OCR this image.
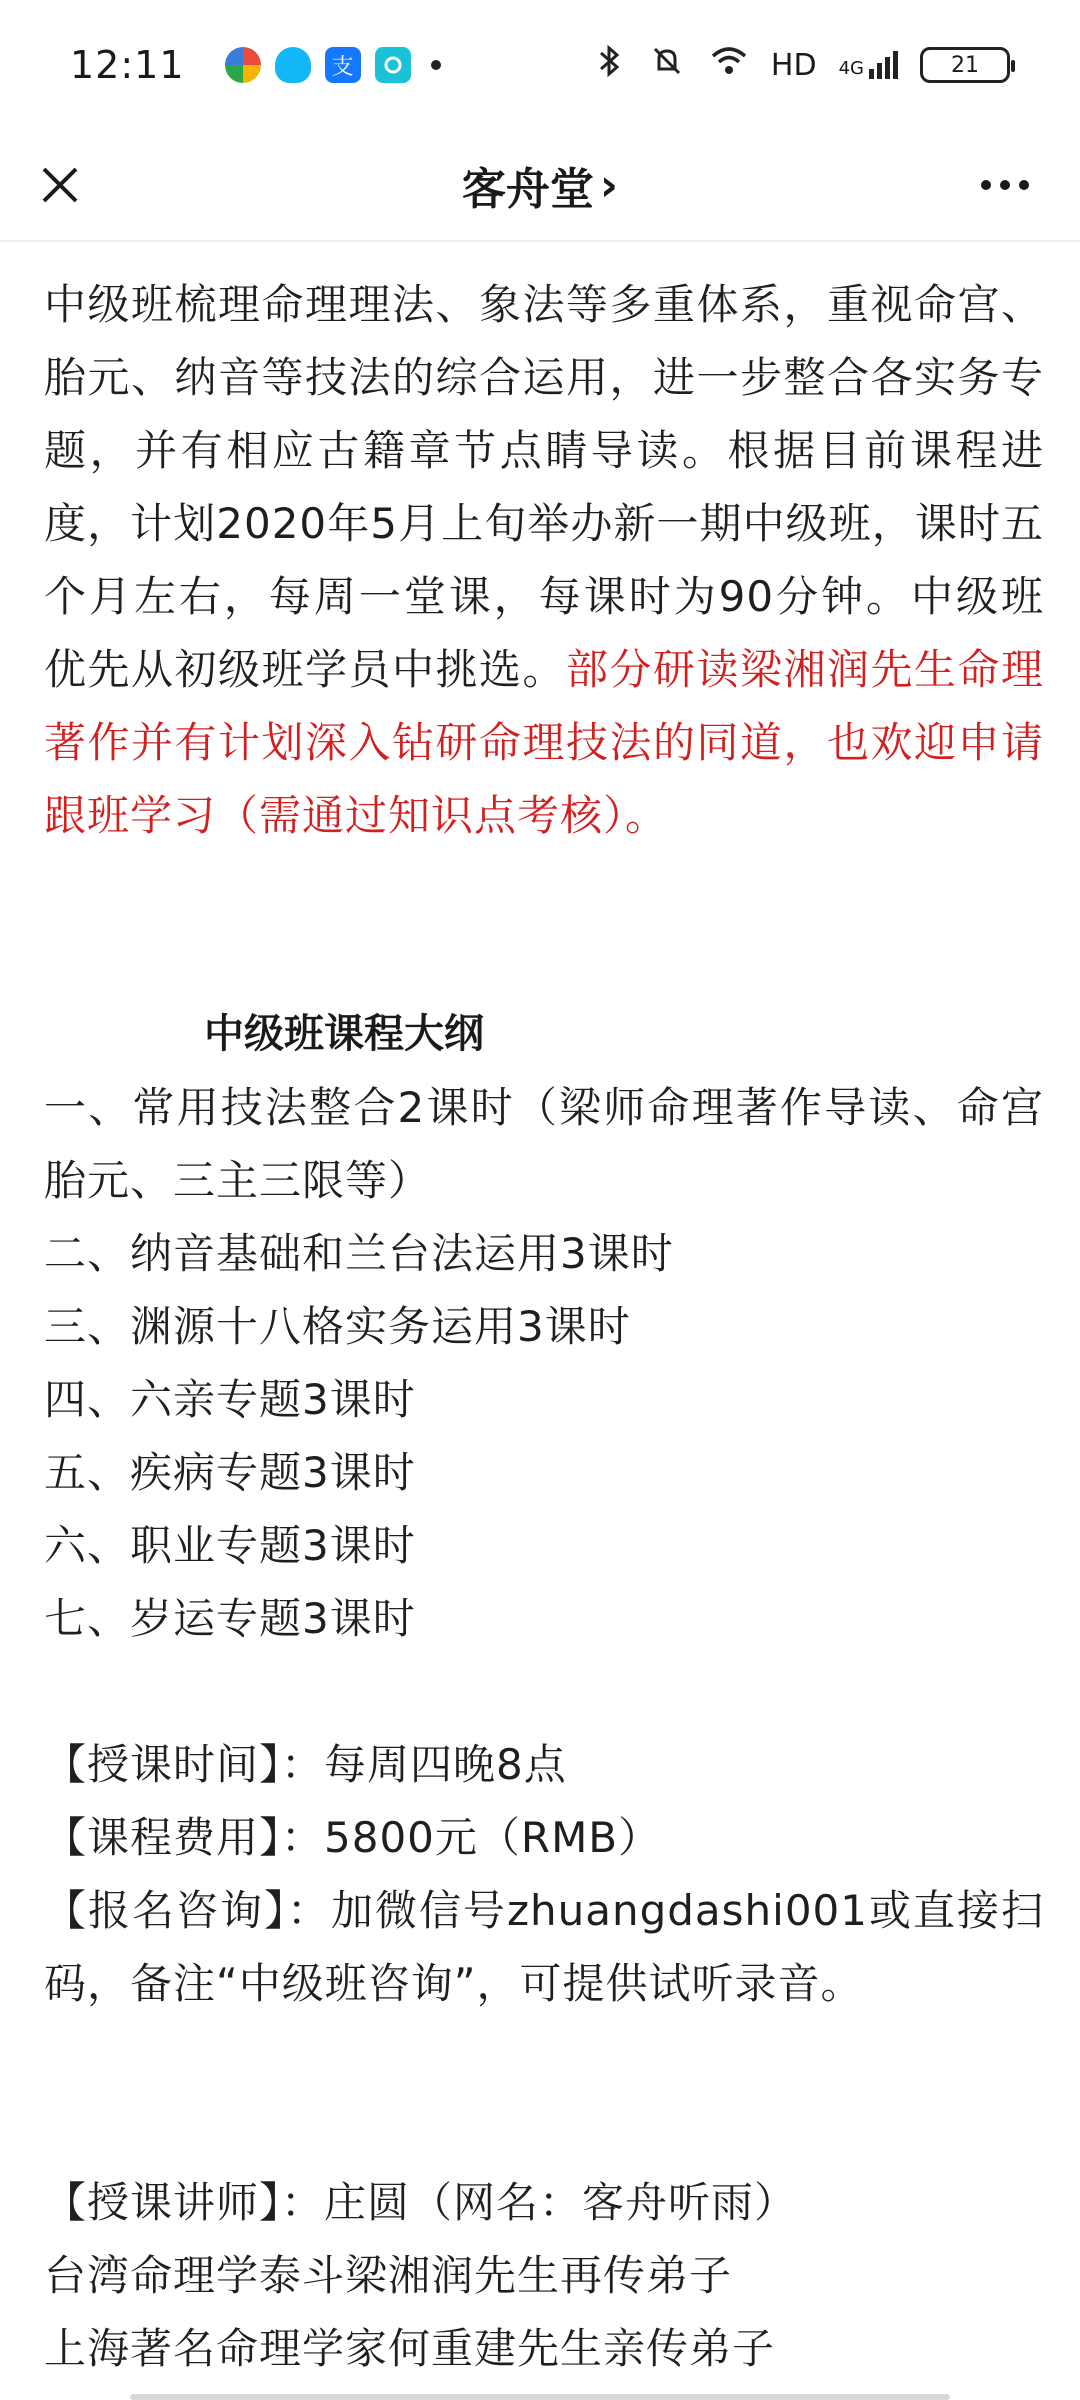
12:11	支	HD 4G	21
客舟堂 ›

中级班梳理命理理法、象法等多重体系，重视命宫、胎元、纳音等技法的综合运用，进一步整合各实务专题，并有相应古籍章节点睛导读。根据目前课程进度，计划2020年5月上旬举办新一期中级班，课时五个月左右，每周一堂课，每课时为90分钟。中级班优先从初级班学员中挑选。部分研读梁湘润先生命理著作并有计划深入钻研命理技法的同道，也欢迎申请跟班学习（需通过知识点考核）。

中级班课程大纲

一、常用技法整合2课时（梁师命理著作导读、命宫胎元、三主三限等）

二、纳音基础和兰台法运用3课时

三、渊源十八格实务运用3课时

四、六亲专题3课时

五、疾病专题3课时

六、职业专题3课时

七、岁运专题3课时

【授课时间】：每周四晚8点

【课程费用】：5800元（RMB）

【报名咨询】：加微信号zhuangdashi001或直接扫码，备注“中级班咨询”，可提供试听录音。

【授课讲师】：庄圆（网名：客舟听雨）

台湾命理学泰斗梁湘润先生再传弟子

上海著名命理学家何重建先生亲传弟子
